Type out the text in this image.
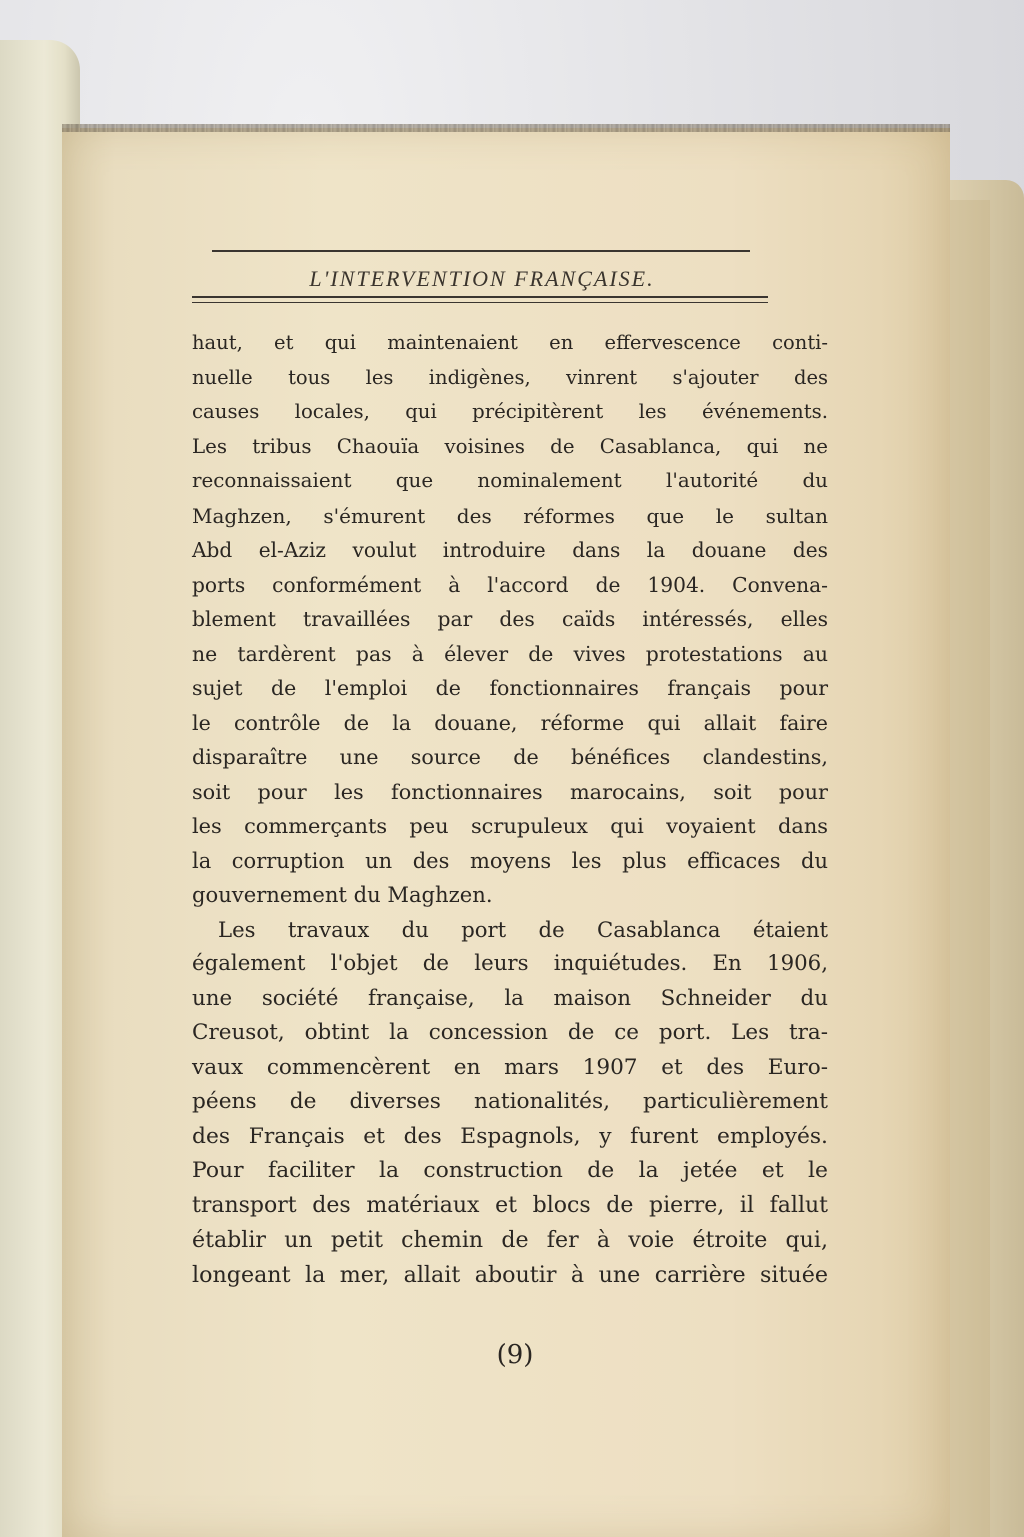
L'INTERVENTION FRANÇAISE.
haut, et qui maintenaient en effervescence conti-
nuelle tous les indigènes, vinrent s'ajouter des
causes locales, qui précipitèrent les événements.
Les tribus Chaouïa voisines de Casablanca, qui ne
reconnaissaient que nominalement l'autorité du
Maghzen, s'émurent des réformes que le sultan
Abd el-Aziz voulut introduire dans la douane des
ports conformément à l'accord de 1904. Convena-
blement travaillées par des caïds intéressés, elles
ne tardèrent pas à élever de vives protestations au
sujet de l'emploi de fonctionnaires français pour
le contrôle de la douane, réforme qui allait faire
disparaître une source de bénéfices clandestins,
soit pour les fonctionnaires marocains, soit pour
les commerçants peu scrupuleux qui voyaient dans
la corruption un des moyens les plus efficaces du
gouvernement du Maghzen.
Les travaux du port de Casablanca étaient
également l'objet de leurs inquiétudes. En 1906,
une société française, la maison Schneider du
Creusot, obtint la concession de ce port. Les tra-
vaux commencèrent en mars 1907 et des Euro-
péens de diverses nationalités, particulièrement
des Français et des Espagnols, y furent employés.
Pour faciliter la construction de la jetée et le
transport des matériaux et blocs de pierre, il fallut
établir un petit chemin de fer à voie étroite qui,
longeant la mer, allait aboutir à une carrière située
(9)
